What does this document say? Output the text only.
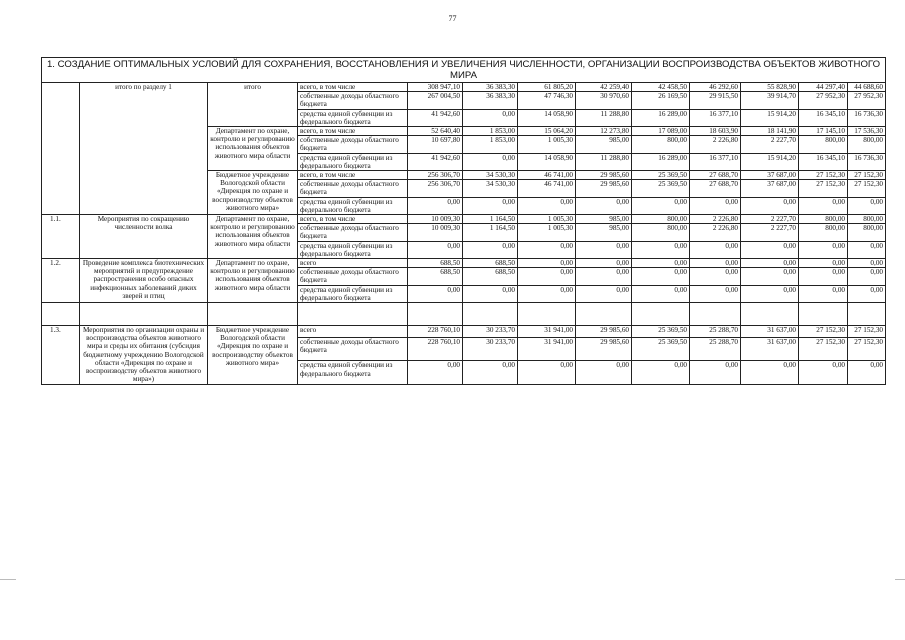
77
1. СОЗДАНИЕ ОПТИМАЛЬНЫХ УСЛОВИЙ ДЛЯ СОХРАНЕНИЯ, ВОССТАНОВЛЕНИЯ И УВЕЛИЧЕНИЯ ЧИСЛЕННОСТИ, ОРГАНИЗАЦИИ ВОСПРОИЗВОДСТВА ОБЪЕКТОВ ЖИВОТНОГО МИРА												
	итого по разделу 1	итого	всего, в том числе	308 947,10	36 383,30	61 805,20	42 259,40	42 458,50	46 292,60	55 828,90	44 297,40	44 688,60
			собственные доходы областного бюджета	267 004,50	36 383,30	47 746,30	30 970,60	26 169,50	29 915,50	39 914,70	27 952,30	27 952,30
			средства единой субвенции из федерального бюджета	41 942,60	0,00	14 058,90	11 288,80	16 289,00	16 377,10	15 914,20	16 345,10	16 736,30
		Департамент по охране, контролю и регулированию использования объектов животного мира области	всего, в том числе	52 640,40	1 853,00	15 064,20	12 273,80	17 089,00	18 603,90	18 141,90	17 145,10	17 536,30
			собственные доходы областного бюджета	10 697,80	1 853,00	1 005,30	985,00	800,00	2 226,80	2 227,70	800,00	800,00
			средства единой субвенции из федерального бюджета	41 942,60	0,00	14 058,90	11 288,80	16 289,00	16 377,10	15 914,20	16 345,10	16 736,30
		Бюджетное учреждение Вологодской области «Дирекция по охране и воспроизводству объектов животного мира»	всего, в том числе	256 306,70	34 530,30	46 741,00	29 985,60	25 369,50	27 688,70	37 687,00	27 152,30	27 152,30
			собственные доходы областного бюджета	256 306,70	34 530,30	46 741,00	29 985,60	25 369,50	27 688,70	37 687,00	27 152,30	27 152,30
			средства единой субвенции из федерального бюджета	0,00	0,00	0,00	0,00	0,00	0,00	0,00	0,00	0,00
1.1.	Мероприятия по сокращению численности волка	Департамент по охране, контролю и регулированию использования объектов животного мира области	всего, в том числе	10 009,30	1 164,50	1 005,30	985,00	800,00	2 226,80	2 227,70	800,00	800,00
			собственные доходы областного бюджета	10 009,30	1 164,50	1 005,30	985,00	800,00	2 226,80	2 227,70	800,00	800,00
			средства единой субвенции из федерального бюджета	0,00	0,00	0,00	0,00	0,00	0,00	0,00	0,00	0,00
1.2.	Проведение комплекса биотехнических мероприятий и предупреждение распространения особо опасных инфекционных заболеваний диких зверей и птиц	Департамент по охране, контролю и регулированию использования объектов животного мира области	всего	688,50	688,50	0,00	0,00	0,00	0,00	0,00	0,00	0,00
			собственные доходы областного бюджета	688,50	688,50	0,00	0,00	0,00	0,00	0,00	0,00	0,00
			средства единой субвенции из федерального бюджета	0,00	0,00	0,00	0,00	0,00	0,00	0,00	0,00	0,00

1.3.	Мероприятия по организации охраны и воспроизводства объектов животного мира и среды их обитания (субсидия бюджетному учреждению Вологодской области «Дирекция по охране и воспроизводству объектов животного мира»)	Бюджетное учреждение Вологодской области «Дирекция по охране и воспроизводству объектов животного мира»	всего	228 760,10	30 233,70	31 941,00	29 985,60	25 369,50	25 288,70	31 637,00	27 152,30	27 152,30
			собственные доходы областного бюджета	228 760,10	30 233,70	31 941,00	29 985,60	25 369,50	25 288,70	31 637,00	27 152,30	27 152,30
			средства единой субвенции из федерального бюджета	0,00	0,00	0,00	0,00	0,00	0,00	0,00	0,00	0,00
